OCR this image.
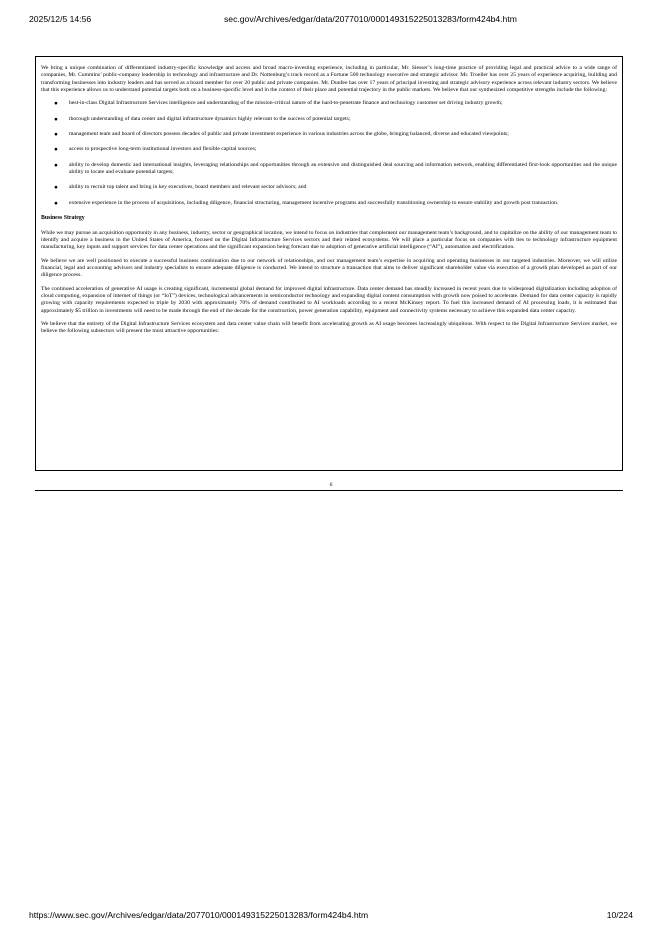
2025/12/5 14:56	sec.gov/Archives/edgar/data/2077010/000149315225013283/form424b4.htm

We bring a unique combination of differentiated industry-specific knowledge and access and broad macro-investing experience, including in particular, Mr. Siesser’s long-time practice of providing legal and practical advice to a wide range of companies, Mr. Cummins’ public-company leadership in technology and infrastructure and Dr. Nottenburg’s track record as a Fortune 500 technology executive and strategic advisor. Mr. Troeller has over 25 years of experience acquiring, building and transforming businesses into industry leaders and has served as a board member for over 20 public and private companies. Mr. Dunfee has over 17 years of principal investing and strategic advisory experience across relevant industry sectors. We believe that this experience allows us to understand potential targets both on a business-specific level and in the context of their place and potential trajectory in the public markets. We believe that our synthesized competitive strengths include the following:

● best-in-class Digital Infrastructure Services intelligence and understanding of the mission-critical nature of the hard-to-penetrate finance and technology customer set driving industry growth;
● thorough understanding of data center and digital infrastructure dynamics highly relevant to the success of potential targets;
● management team and board of directors possess decades of public and private investment experience in various industries across the globe, bringing balanced, diverse and educated viewpoints;
● access to prospective long-term institutional investors and flexible capital sources;
● ability to develop domestic and international insights, leveraging relationships and opportunities through an extensive and distinguished deal sourcing and information network, enabling differentiated first-look opportunities and the unique ability to locate and evaluate potential targets;
● ability to recruit top talent and bring in key executives, board members and relevant sector advisors; and
● extensive experience in the process of acquisitions, including diligence, financial structuring, management incentive programs and successfully transitioning ownership to ensure stability and growth post transaction.
Business Strategy

While we may pursue an acquisition opportunity in any business, industry, sector or geographical location, we intend to focus on industries that complement our management team’s background, and to capitalize on the ability of our management team to identify and acquire a business in the United States of America, focused on the Digital Infrastructure Services sectors and their related ecosystems. We will place a particular focus on companies with ties to technology infrastructure equipment manufacturing, key inputs and support services for data center operations and the significant expansion being forecast due to adoption of generative artificial intelligence (“AI”), automation and electrification.

We believe we are well positioned to execute a successful business combination due to our network of relationships, and our management team’s expertise in acquiring and operating businesses in our targeted industries. Moreover, we will utilize financial, legal and accounting advisors and industry specialists to ensure adequate diligence is conducted. We intend to structure a transaction that aims to deliver significant shareholder value via execution of a growth plan developed as part of our diligence process.

The continued acceleration of generative AI usage is creating significant, incremental global demand for improved digital infrastructure. Data center demand has steadily increased in recent years due to widespread digitalization including adoption of cloud computing, expansion of internet of things (or “IoT”) devices, technological advancements in semiconductor technology and expanding digital content consumption with growth now poised to accelerate. Demand for data center capacity is rapidly growing with capacity requirements expected to triple by 2030 with approximately 70% of demand contributed to AI workloads according to a recent McKinsey report. To fuel this increased demand of AI processing loads, it is estimated that approximately $5 trillion in investments will need to be made through the end of the decade for the construction, power generation capability, equipment and connectivity systems necessary to achieve this expanded data center capacity.

We believe that the entirety of the Digital Infrastructure Services ecosystem and data center value chain will benefit from accelerating growth as AI usage becomes increasingly ubiquitous. With respect to the Digital Infrastructure Services market, we believe the following subsectors will present the most attractive opportunities:

6
https://www.sec.gov/Archives/edgar/data/2077010/000149315225013283/form424b4.htm	10/224
